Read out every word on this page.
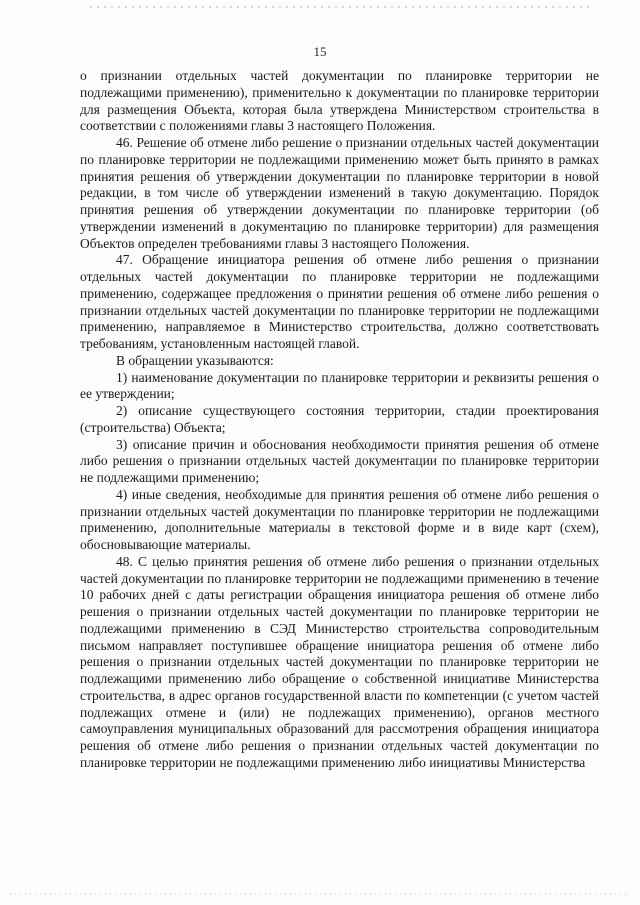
15

о признании отдельных частей документации по планировке территории не подлежащими применению), применительно к документации по планировке территории для размещения Объекта, которая была утверждена Министерством строительства в соответствии с положениями главы 3 настоящего Положения.

46. Решение об отмене либо решение о признании отдельных частей документации по планировке территории не подлежащими применению может быть принято в рамках принятия решения об утверждении документации по планировке территории в новой редакции, в том числе об утверждении изменений в такую документацию. Порядок принятия решения об утверждении документации по планировке территории (об утверждении изменений в документацию по планировке территории) для размещения Объектов определен требованиями главы 3 настоящего Положения.

47. Обращение инициатора решения об отмене либо решения о признании отдельных частей документации по планировке территории не подлежащими применению, содержащее предложения о принятии решения об отмене либо решения о признании отдельных частей документации по планировке территории не подлежащими применению, направляемое в Министерство строительства, должно соответствовать требованиям, установленным настоящей главой.

В обращении указываются:

1) наименование документации по планировке территории и реквизиты решения о ее утверждении;

2) описание существующего состояния территории, стадии проектирования (строительства) Объекта;

3) описание причин и обоснования необходимости принятия решения об отмене либо решения о признании отдельных частей документации по планировке территории не подлежащими применению;

4) иные сведения, необходимые для принятия решения об отмене либо решения о признании отдельных частей документации по планировке территории не подлежащими применению, дополнительные материалы в текстовой форме и в виде карт (схем), обосновывающие материалы.

48. С целью принятия решения об отмене либо решения о признании отдельных частей документации по планировке территории не подлежащими применению в течение 10 рабочих дней с даты регистрации обращения инициатора решения об отмене либо решения о признании отдельных частей документации по планировке территории не подлежащими применению в СЭД Министерство строительства сопроводительным письмом направляет поступившее обращение инициатора решения об отмене либо решения о признании отдельных частей документации по планировке территории не подлежащими применению либо обращение о собственной инициативе Министерства строительства, в адрес органов государственной власти по компетенции (с учетом частей подлежащих отмене и (или) не подлежащих применению), органов местного самоуправления муниципальных образований для рассмотрения обращения инициатора решения об отмене либо решения о признании отдельных частей документации по планировке территории не подлежащими применению либо инициативы Министерства
